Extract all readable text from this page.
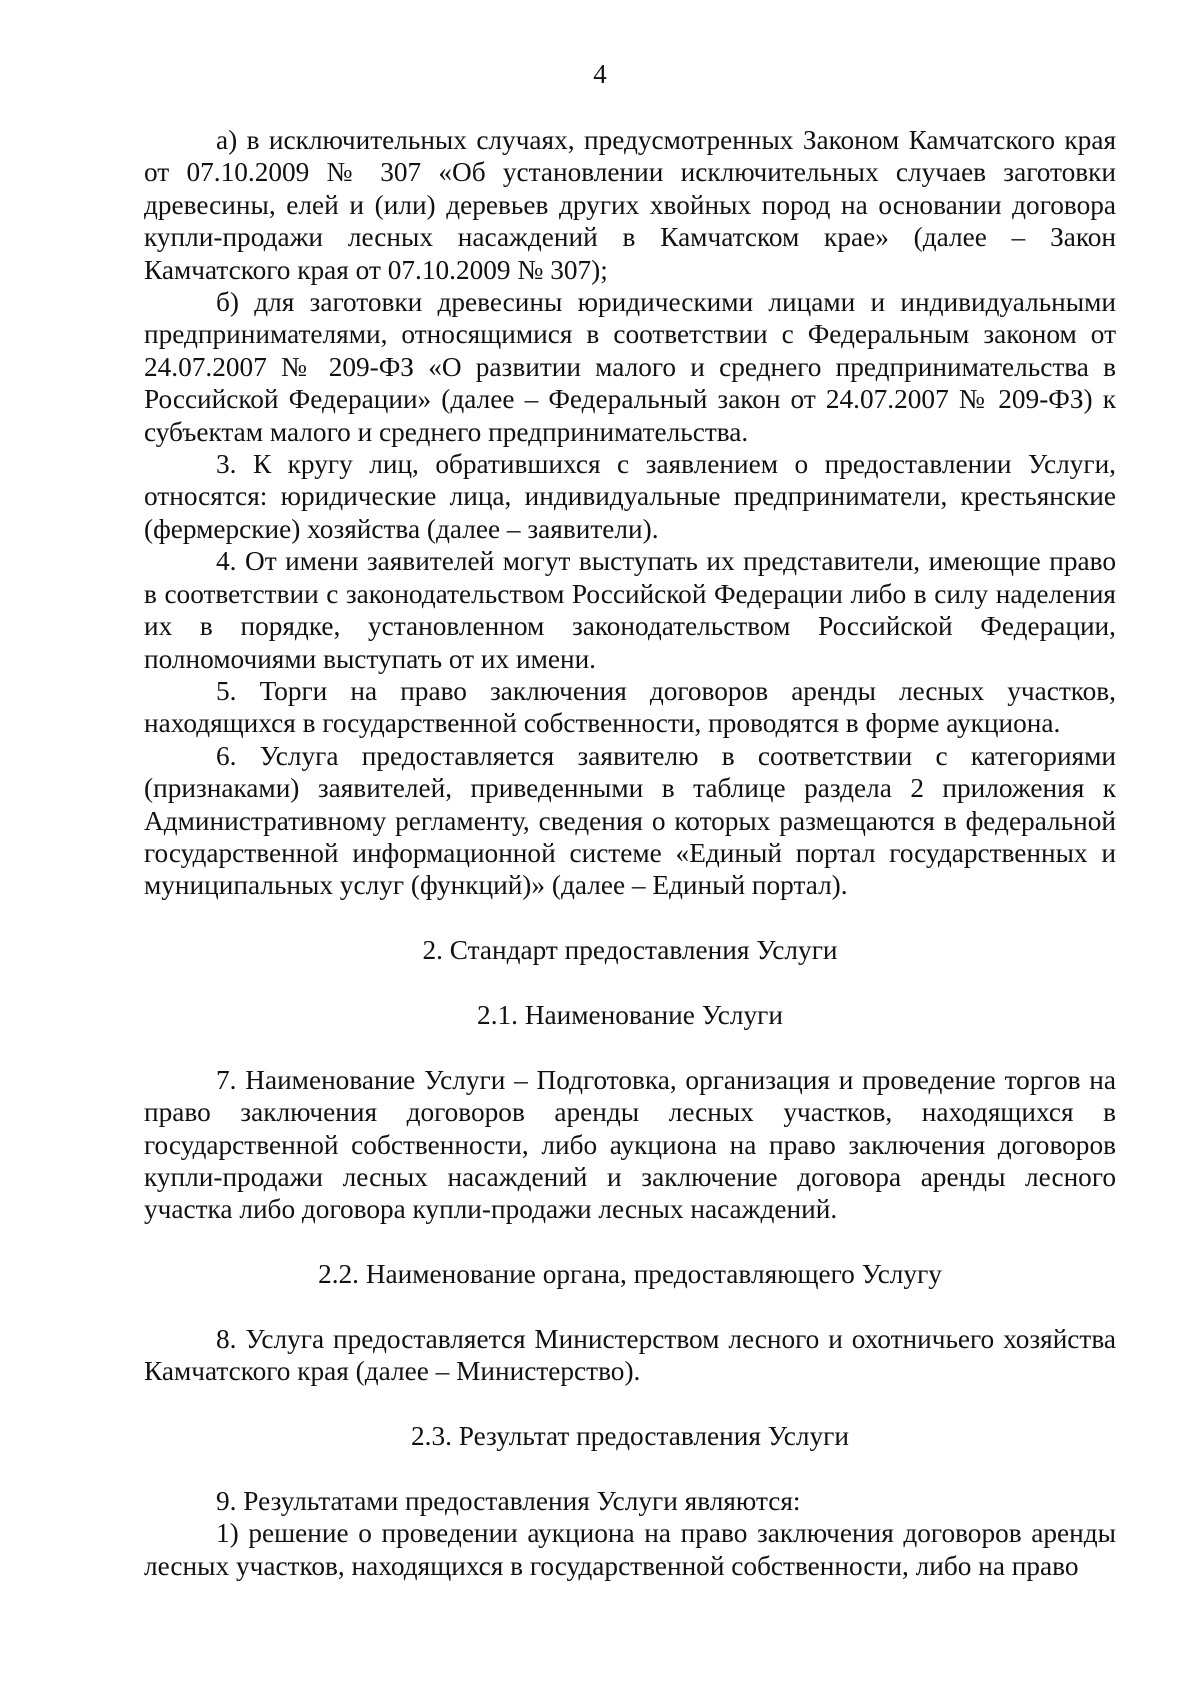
4

а) в исключительных случаях, предусмотренных Законом Камчатского края от 07.10.2009 № 307 «Об установлении исключительных случаев заготовки древесины, елей и (или) деревьев других хвойных пород на основании договора купли-продажи лесных насаждений в Камчатском крае» (далее – Закон Камчатского края от 07.10.2009 № 307);

б) для заготовки древесины юридическими лицами и индивидуальными предпринимателями, относящимися в соответствии с Федеральным законом от 24.07.2007 № 209-ФЗ «О развитии малого и среднего предпринимательства в Российской Федерации» (далее – Федеральный закон от 24.07.2007 № 209-ФЗ) к субъектам малого и среднего предпринимательства.

3. К кругу лиц, обратившихся с заявлением о предоставлении Услуги, относятся: юридические лица, индивидуальные предприниматели, крестьянские (фермерские) хозяйства (далее – заявители).

4. От имени заявителей могут выступать их представители, имеющие право в соответствии с законодательством Российской Федерации либо в силу наделения их в порядке, установленном законодательством Российской Федерации, полномочиями выступать от их имени.

5. Торги на право заключения договоров аренды лесных участков, находящихся в государственной собственности, проводятся в форме аукциона.

6. Услуга предоставляется заявителю в соответствии с категориями (признаками) заявителей, приведенными в таблице раздела 2 приложения к Административному регламенту, сведения о которых размещаются в федеральной государственной информационной системе «Единый портал государственных и муниципальных услуг (функций)» (далее – Единый портал).

2. Стандарт предоставления Услуги

2.1. Наименование Услуги

7. Наименование Услуги – Подготовка, организация и проведение торгов на право заключения договоров аренды лесных участков, находящихся в государственной собственности, либо аукциона на право заключения договоров купли-продажи лесных насаждений и заключение договора аренды лесного участка либо договора купли-продажи лесных насаждений.

2.2. Наименование органа, предоставляющего Услугу

8. Услуга предоставляется Министерством лесного и охотничьего хозяйства Камчатского края (далее – Министерство).

2.3. Результат предоставления Услуги

9. Результатами предоставления Услуги являются:

1) решение о проведении аукциона на право заключения договоров аренды лесных участков, находящихся в государственной собственности, либо на право
